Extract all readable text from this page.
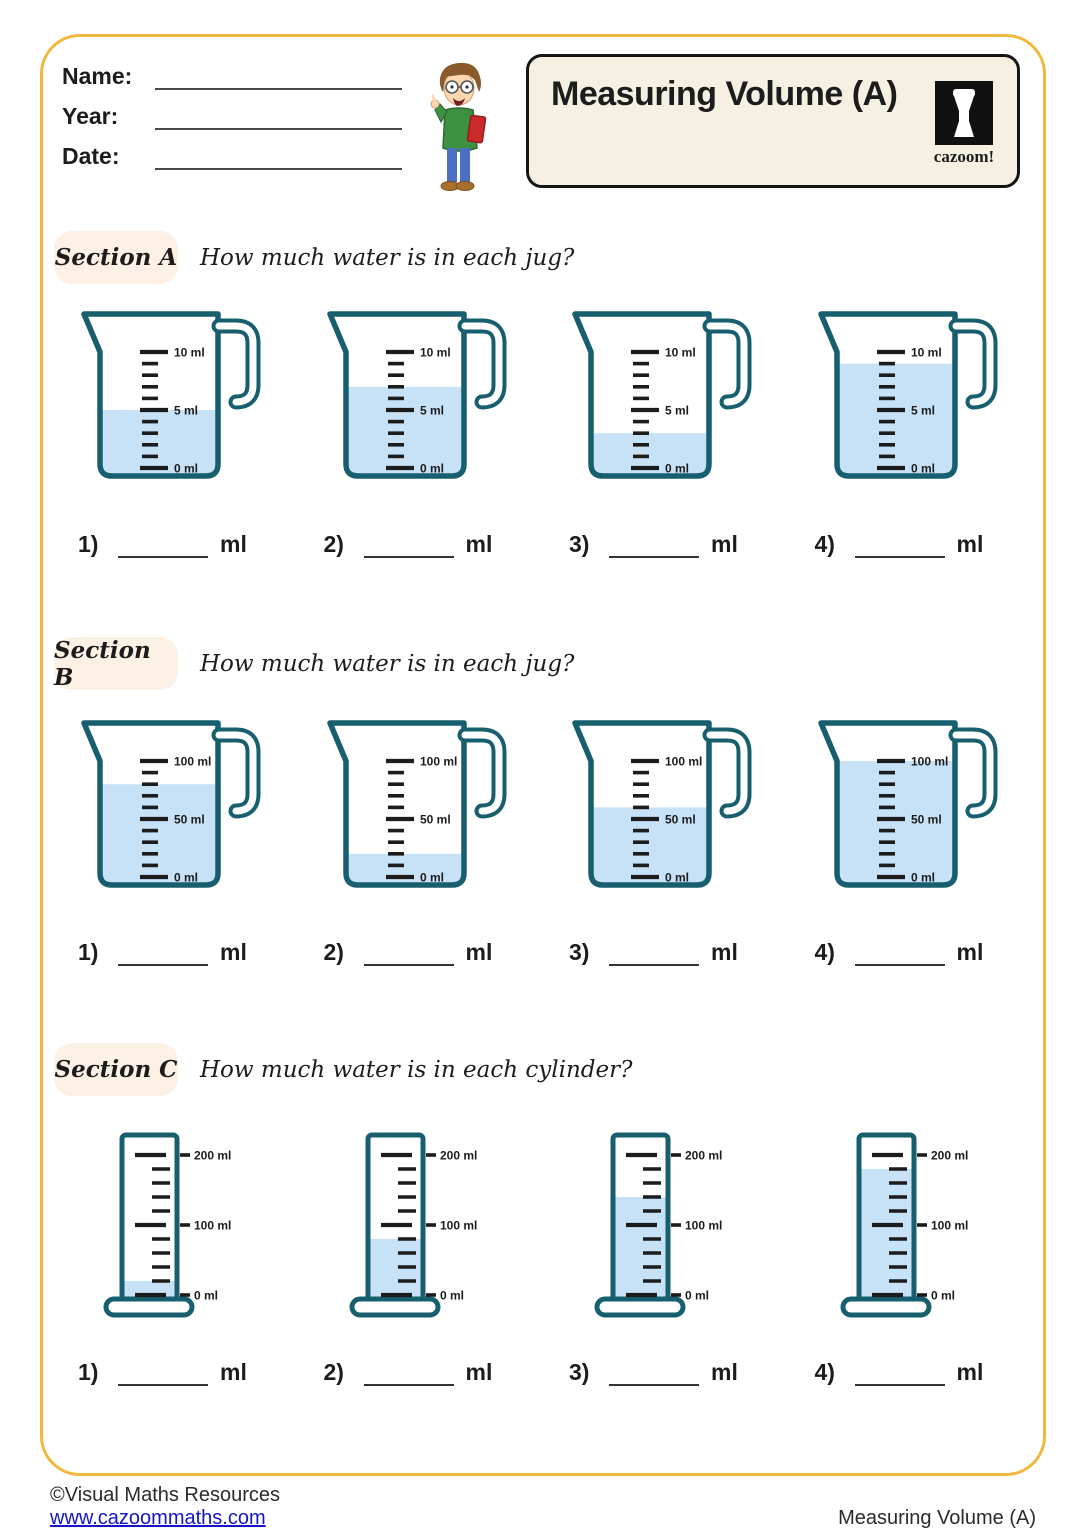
Name:
Year:
Date:
Measuring Volume (A)
cazoom!
Section A How much water is in each jug?
0 ml
5 ml
10 ml
0 ml
5 ml
10 ml
0 ml
5 ml
10 ml
0 ml
5 ml
10 ml
1)	ml	2)	ml	3)	ml	4)	ml
Section B	How much water is in each jug?
0 ml
50 ml
100 ml
0 ml
50 ml
100 ml
0 ml
50 ml
100 ml
0 ml
50 ml
100 ml
1)	ml	2)	ml	3)	ml	4)	ml
Section C How much water is in each cylinder?
0 ml
100 ml
200 ml
0 ml
100 ml
200 ml
0 ml
100 ml
200 ml
0 ml
100 ml
200 ml
1)	ml	2)	ml	3)	ml	4)	ml
©Visual Maths Resources
www.cazoommaths.com	Measuring Volume (A)
